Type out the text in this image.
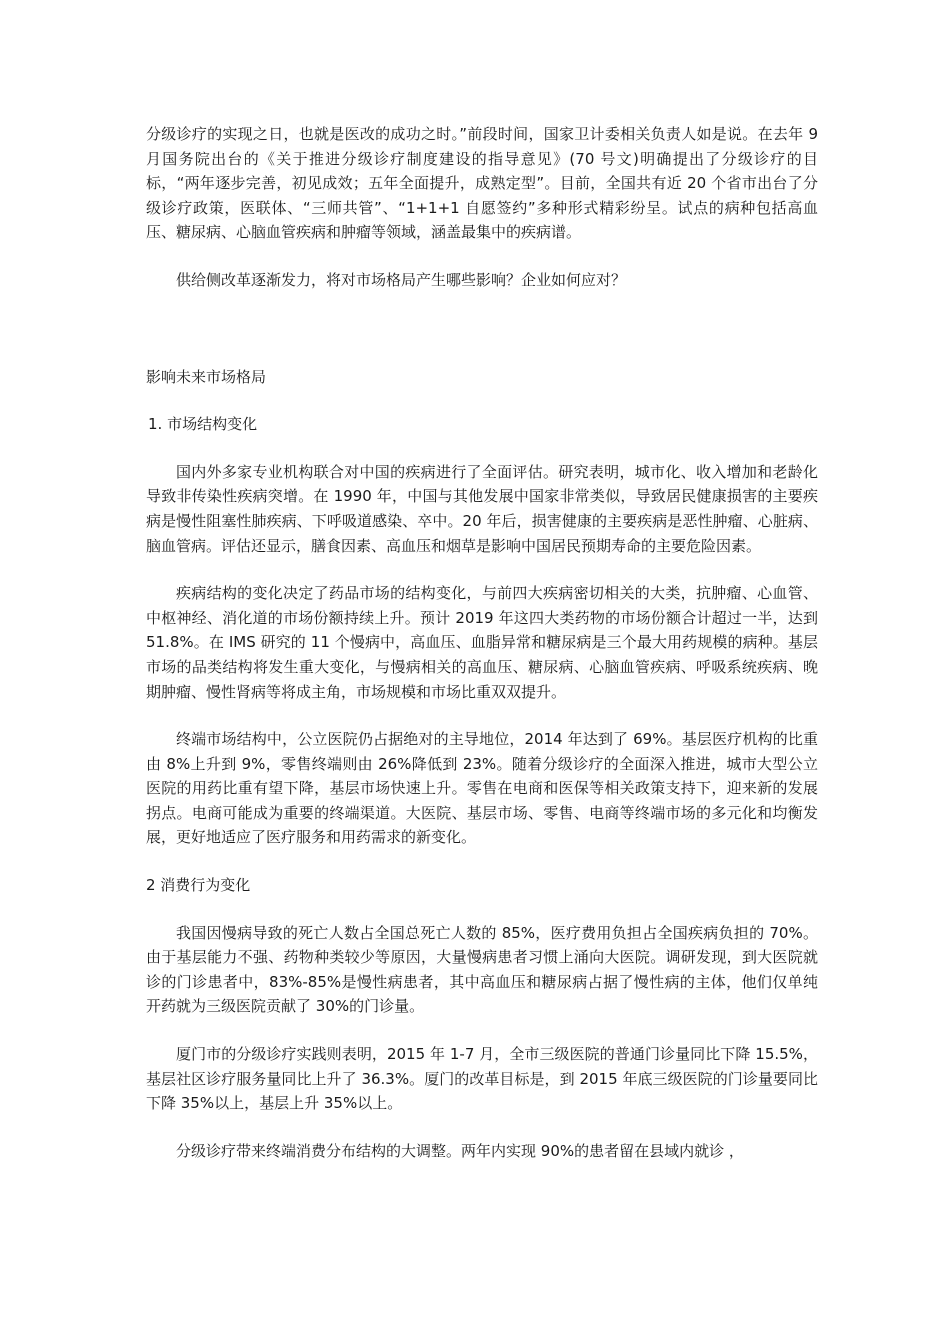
分级诊疗的实现之日，也就是医改的成功之时。”前段时间，国家卫计委相关负责人如是说。在去年 9 月国务院出台的《关于推进分级诊疗制度建设的指导意见》(70 号文)明确提出了分级诊疗的目标，“两年逐步完善，初见成效；五年全面提升，成熟定型”。目前，全国共有近 20 个省市出台了分级诊疗政策，医联体、“三师共管”、“1+1+1 自愿签约”多种形式精彩纷呈。试点的病种包括高血压、糖尿病、心脑血管疾病和肿瘤等领域，涵盖最集中的疾病谱。

供给侧改革逐渐发力，将对市场格局产生哪些影响？企业如何应对？

影响未来市场格局

1. 市场结构变化

国内外多家专业机构联合对中国的疾病进行了全面评估。研究表明，城市化、收入增加和老龄化导致非传染性疾病突增。在 1990 年，中国与其他发展中国家非常类似，导致居民健康损害的主要疾病是慢性阻塞性肺疾病、下呼吸道感染、卒中。20 年后，损害健康的主要疾病是恶性肿瘤、心脏病、脑血管病。评估还显示，膳食因素、高血压和烟草是影响中国居民预期寿命的主要危险因素。

疾病结构的变化决定了药品市场的结构变化，与前四大疾病密切相关的大类，抗肿瘤、心血管、中枢神经、消化道的市场份额持续上升。预计 2019 年这四大类药物的市场份额合计超过一半，达到 51.8%。在 IMS 研究的 11 个慢病中，高血压、血脂异常和糖尿病是三个最大用药规模的病种。基层市场的品类结构将发生重大变化，与慢病相关的高血压、糖尿病、心脑血管疾病、呼吸系统疾病、晚期肿瘤、慢性肾病等将成主角，市场规模和市场比重双双提升。

终端市场结构中，公立医院仍占据绝对的主导地位，2014 年达到了 69%。基层医疗机构的比重由 8%上升到 9%，零售终端则由 26%降低到 23%。随着分级诊疗的全面深入推进，城市大型公立医院的用药比重有望下降，基层市场快速上升。零售在电商和医保等相关政策支持下，迎来新的发展拐点。电商可能成为重要的终端渠道。大医院、基层市场、零售、电商等终端市场的多元化和均衡发展，更好地适应了医疗服务和用药需求的新变化。

2 消费行为变化

我国因慢病导致的死亡人数占全国总死亡人数的 85%，医疗费用负担占全国疾病负担的 70%。由于基层能力不强、药物种类较少等原因，大量慢病患者习惯上涌向大医院。调研发现，到大医院就诊的门诊患者中，83%-85%是慢性病患者，其中高血压和糖尿病占据了慢性病的主体，他们仅单纯开药就为三级医院贡献了 30%的门诊量。

厦门市的分级诊疗实践则表明，2015 年 1-7 月，全市三级医院的普通门诊量同比下降 15.5%，基层社区诊疗服务量同比上升了 36.3%。厦门的改革目标是，到 2015 年底三级医院的门诊量要同比下降 35%以上，基层上升 35%以上。

分级诊疗带来终端消费分布结构的大调整。两年内实现 90%的患者留在县域内就诊 ，
